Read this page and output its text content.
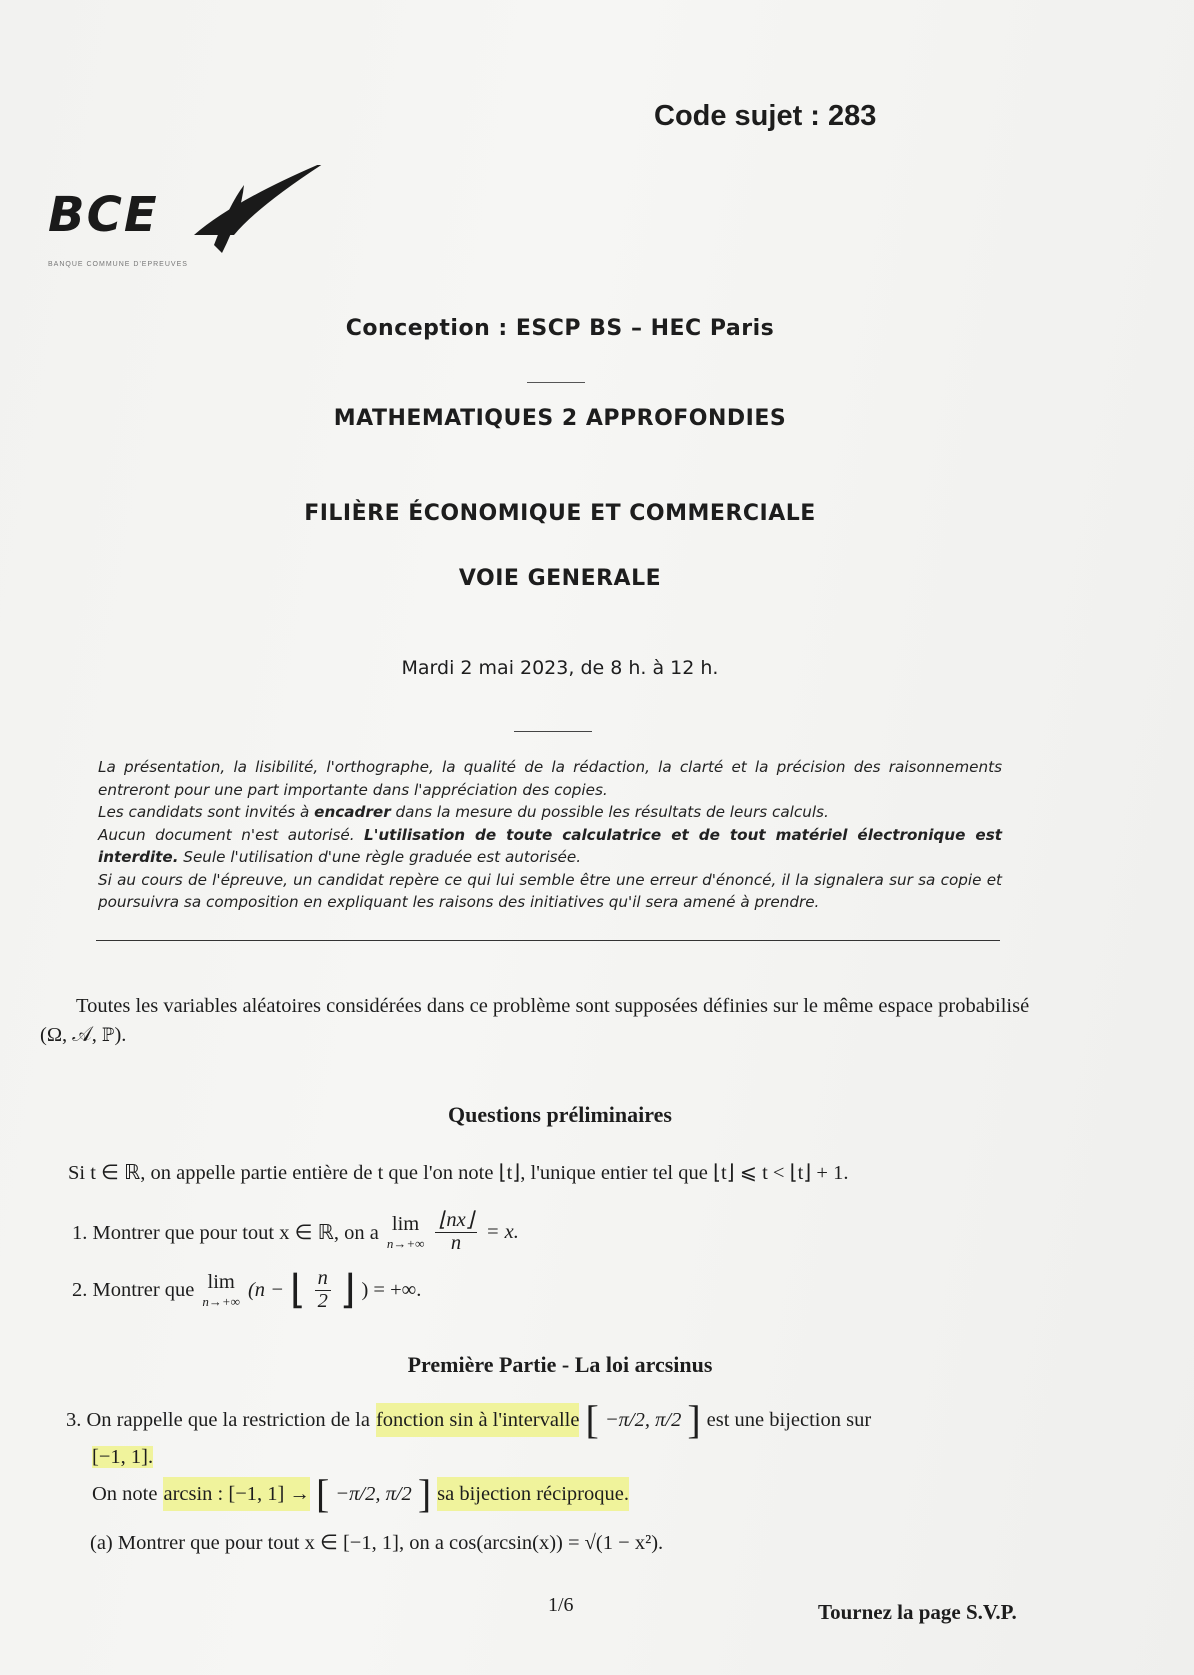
Code sujet : 283
BCE
BANQUE COMMUNE D'EPREUVES
Conception : ESCP BS – HEC Paris
MATHEMATIQUES 2 APPROFONDIES
FILIÈRE ÉCONOMIQUE ET COMMERCIALE
VOIE GENERALE
Mardi 2 mai 2023, de 8 h. à 12 h.

La présentation, la lisibilité, l'orthographe, la qualité de la rédaction, la clarté et la précision des raisonnements entreront pour une part importante dans l'appréciation des copies.

Les candidats sont invités à encadrer dans la mesure du possible les résultats de leurs calculs.

Aucun document n'est autorisé. L'utilisation de toute calculatrice et de tout matériel électronique est interdite. Seule l'utilisation d'une règle graduée est autorisée.

Si au cours de l'épreuve, un candidat repère ce qui lui semble être une erreur d'énoncé, il la signalera sur sa copie et poursuivra sa composition en expliquant les raisons des initiatives qu'il sera amené à prendre.

Toutes les variables aléatoires considérées dans ce problème sont supposées définies sur le même espace probabilisé (Ω, 𝒜, ℙ).
Questions préliminaires
Si t ∈ ℝ, on appelle partie entière de t que l'on note ⌊t⌋, l'unique entier tel que ⌊t⌋ ⩽ t < ⌊t⌋ + 1.
1. Montrer que pour tout x ∈ ℝ, on a lim
$n\to+\infty \frac{⌊nx⌋}{n} = x$.
2. Montrer que lim
n→+∞
(n − ⌊ $\frac{n}{2}$ ⌋ ) = +∞.
Première Partie - La loi arcsinus
3. On rappelle que la restriction de la fonction sin à l'intervalle [ −π/2, π/2 ] est une bijection sur
[−1, 1].
On note arcsin : [−1, 1] → [ −π/2, π/2 ] sa bijection réciproque.
(a) Montrer que pour tout x ∈ [−1, 1], on a cos(arcsin(x)) = √(1 − x²).
1/6	Tournez la page S.V.P.
